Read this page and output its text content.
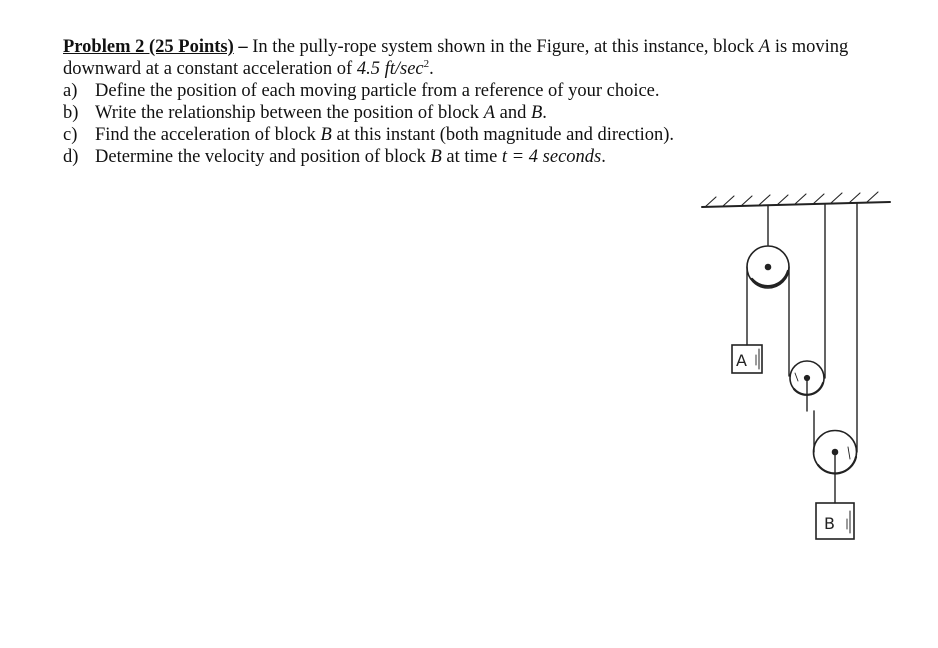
Problem 2 (25 Points) – In the pully-rope system shown in the Figure, at this instance, block A is moving downward at a constant acceleration of 4.5 $ft/\sec^2$.

a) Define the position of each moving particle from a reference of your choice.
b) Write the relationship between the position of block A and B.
c) Find the acceleration of block B at this instant (both magnitude and direction).
d) Determine the velocity and position of block B at time t = 4 seconds.
A
B
